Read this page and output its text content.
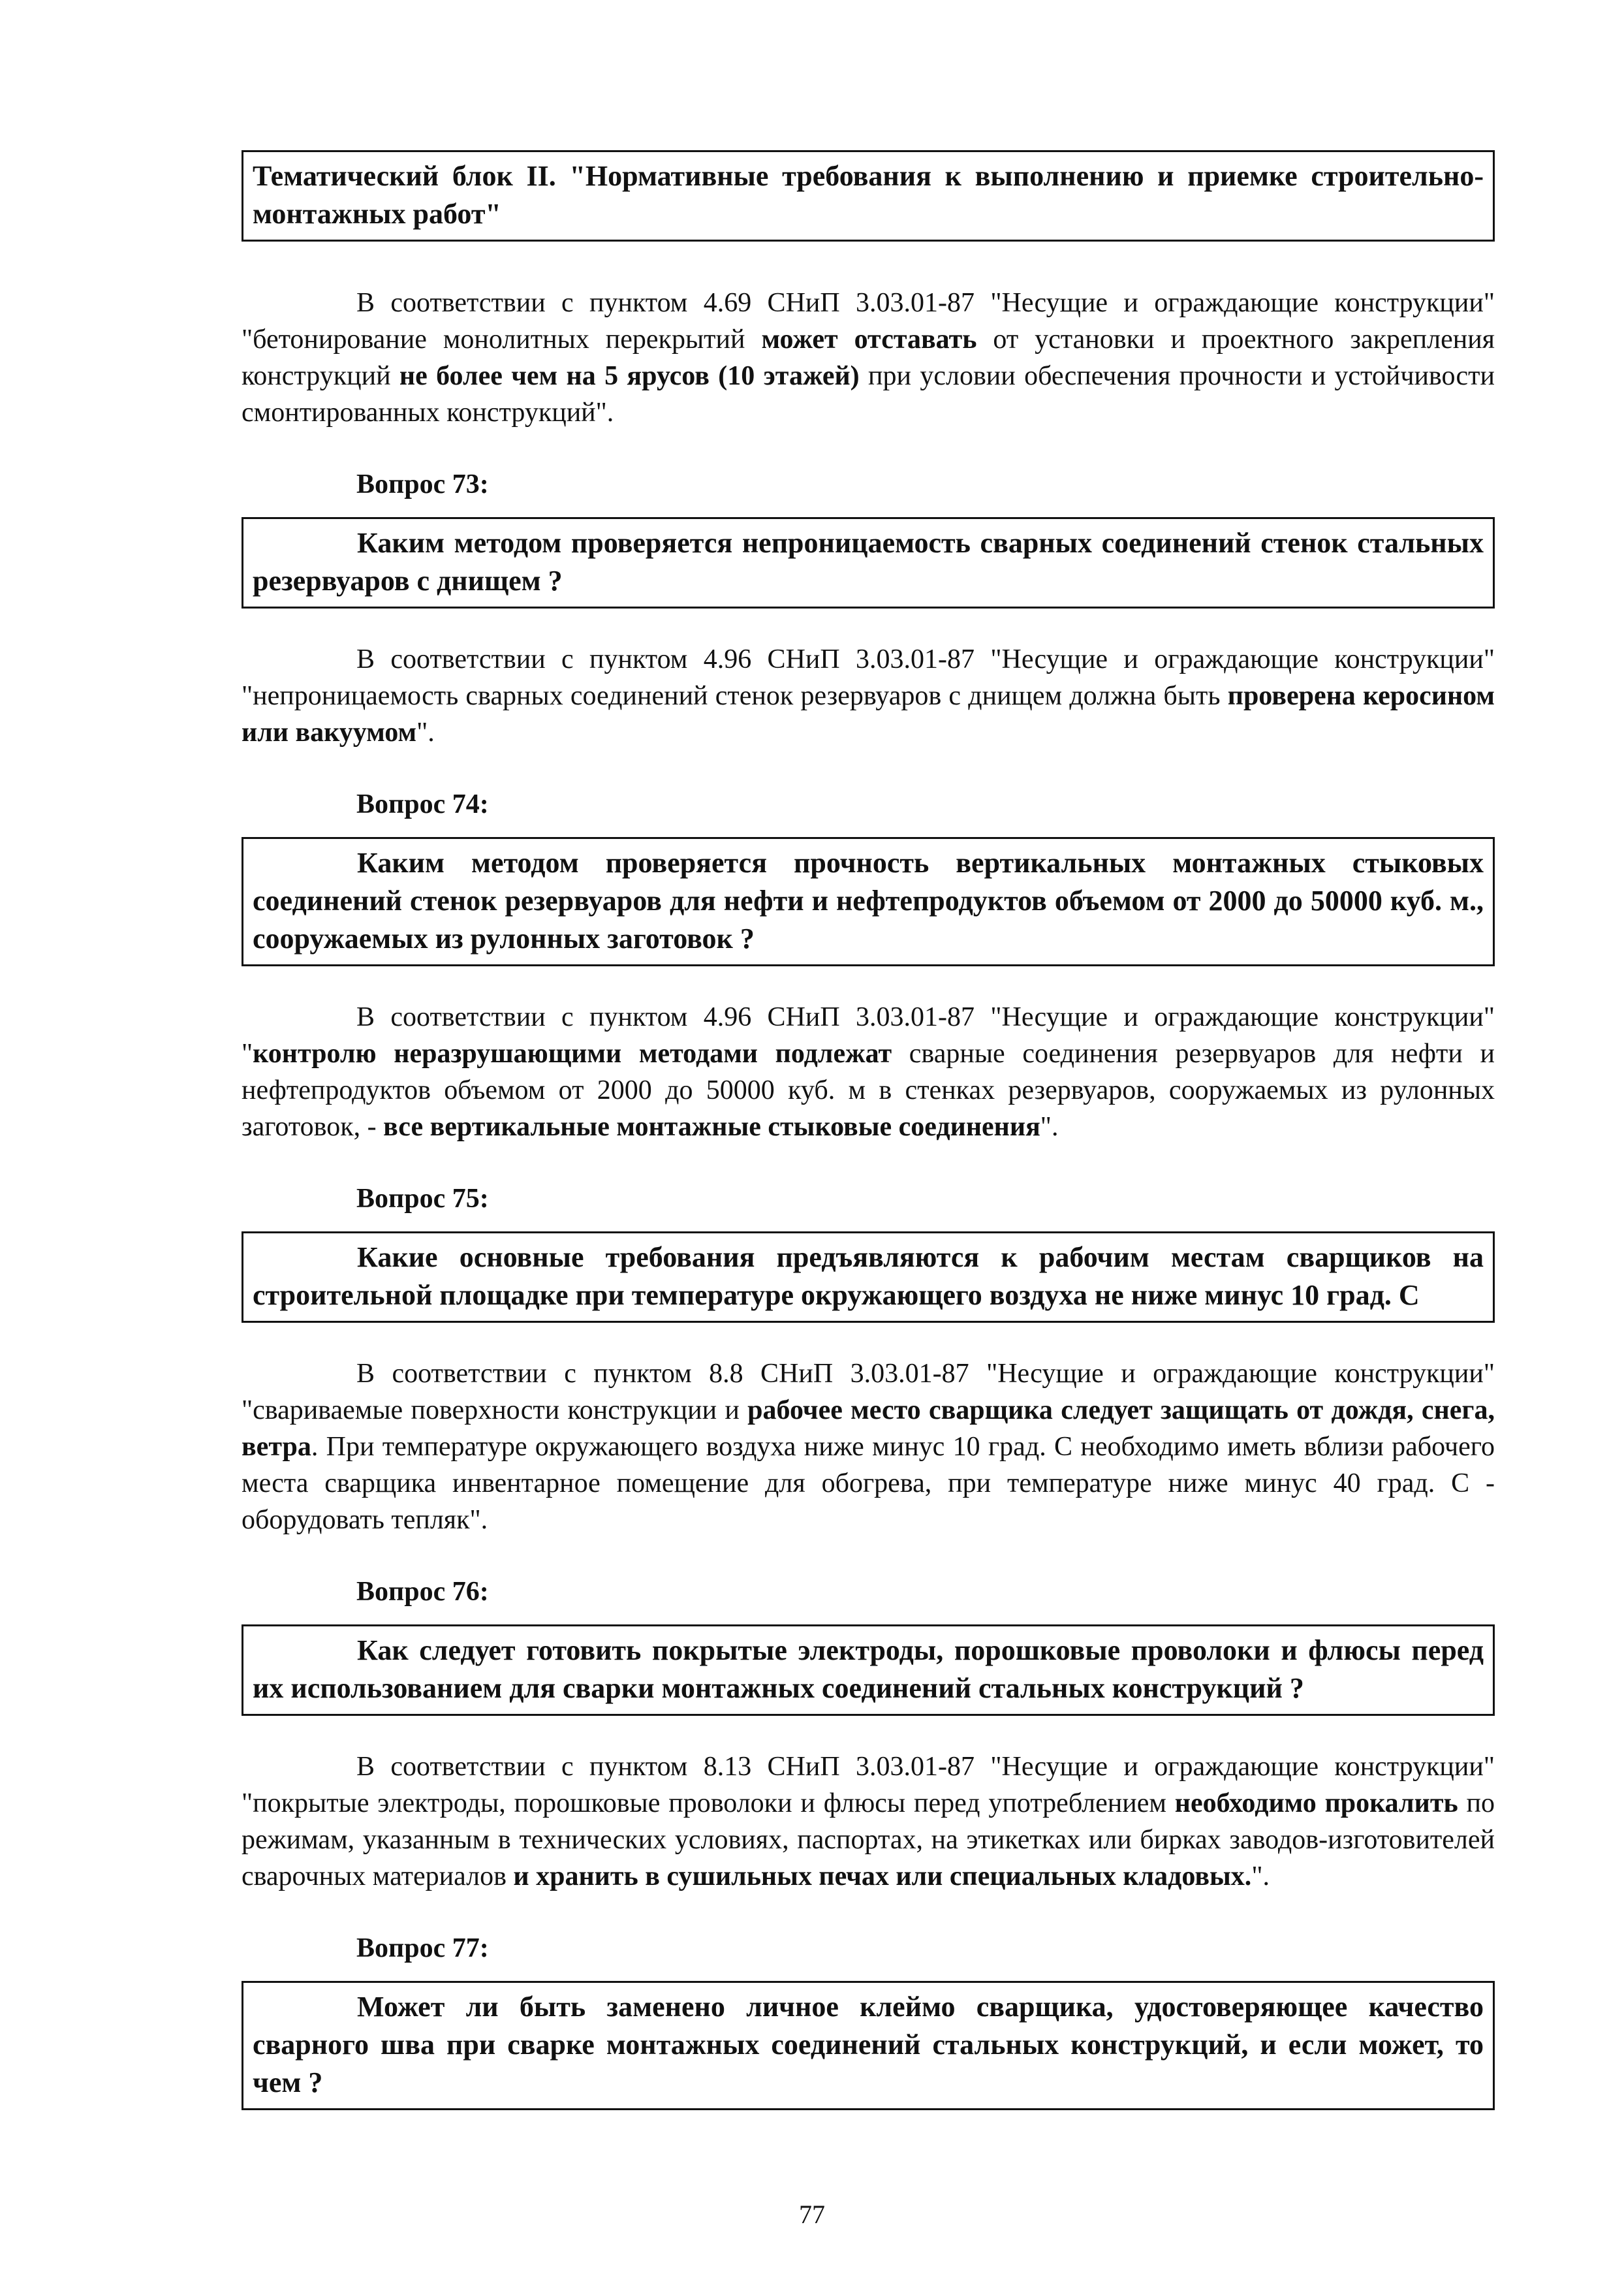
Тематический блок II. "Нормативные требования к выполнению и приемке строительно-монтажных работ"

В соответствии с пунктом 4.69 СНиП 3.03.01-87 "Несущие и ограждающие конструкции" "бетонирование монолитных перекрытий может отставать от установки и проектного закрепления конструкций не более чем на 5 ярусов (10 этажей) при условии обеспечения прочности и устойчивости смонтированных конструкций".

Вопрос 73:
Каким методом проверяется непроницаемость сварных соединений стенок стальных резервуаров с днищем ?

В соответствии с пунктом 4.96 СНиП 3.03.01-87 "Несущие и ограждающие конструкции" "непроницаемость сварных соединений стенок резервуаров с днищем должна быть проверена керосином или вакуумом".

Вопрос 74:
Каким методом проверяется прочность вертикальных монтажных стыковых соединений стенок резервуаров для нефти и нефтепродуктов объемом от 2000 до 50000 куб. м., сооружаемых из рулонных заготовок ?

В соответствии с пунктом 4.96 СНиП 3.03.01-87 "Несущие и ограждающие конструкции" "контролю неразрушающими методами подлежат сварные соединения резервуаров для нефти и нефтепродуктов объемом от 2000 до 50000 куб. м в стенках резервуаров, сооружаемых из рулонных заготовок, - все вертикальные монтажные стыковые соединения".

Вопрос 75:
Какие основные требования предъявляются к рабочим местам сварщиков на строительной площадке при температуре окружающего воздуха не ниже минус 10 град. С

В соответствии с пунктом 8.8 СНиП 3.03.01-87 "Несущие и ограждающие конструкции" "свариваемые поверхности конструкции и рабочее место сварщика следует защищать от дождя, снега, ветра. При температуре окружающего воздуха ниже минус 10 град. С необходимо иметь вблизи рабочего места сварщика инвентарное помещение для обогрева, при температуре ниже минус 40 град. С - оборудовать тепляк".

Вопрос 76:
Как следует готовить покрытые электроды, порошковые проволоки и флюсы перед их использованием для сварки монтажных соединений стальных конструкций ?

В соответствии с пунктом 8.13 СНиП 3.03.01-87 "Несущие и ограждающие конструкции" "покрытые электроды, порошковые проволоки и флюсы перед употреблением необходимо прокалить по режимам, указанным в технических условиях, паспортах, на этикетках или бирках заводов-изготовителей сварочных материалов и хранить в сушильных печах или специальных кладовых.".

Вопрос 77:
Может ли быть заменено личное клеймо сварщика, удостоверяющее качество сварного шва при сварке монтажных соединений стальных конструкций, и если может, то чем ?
77
